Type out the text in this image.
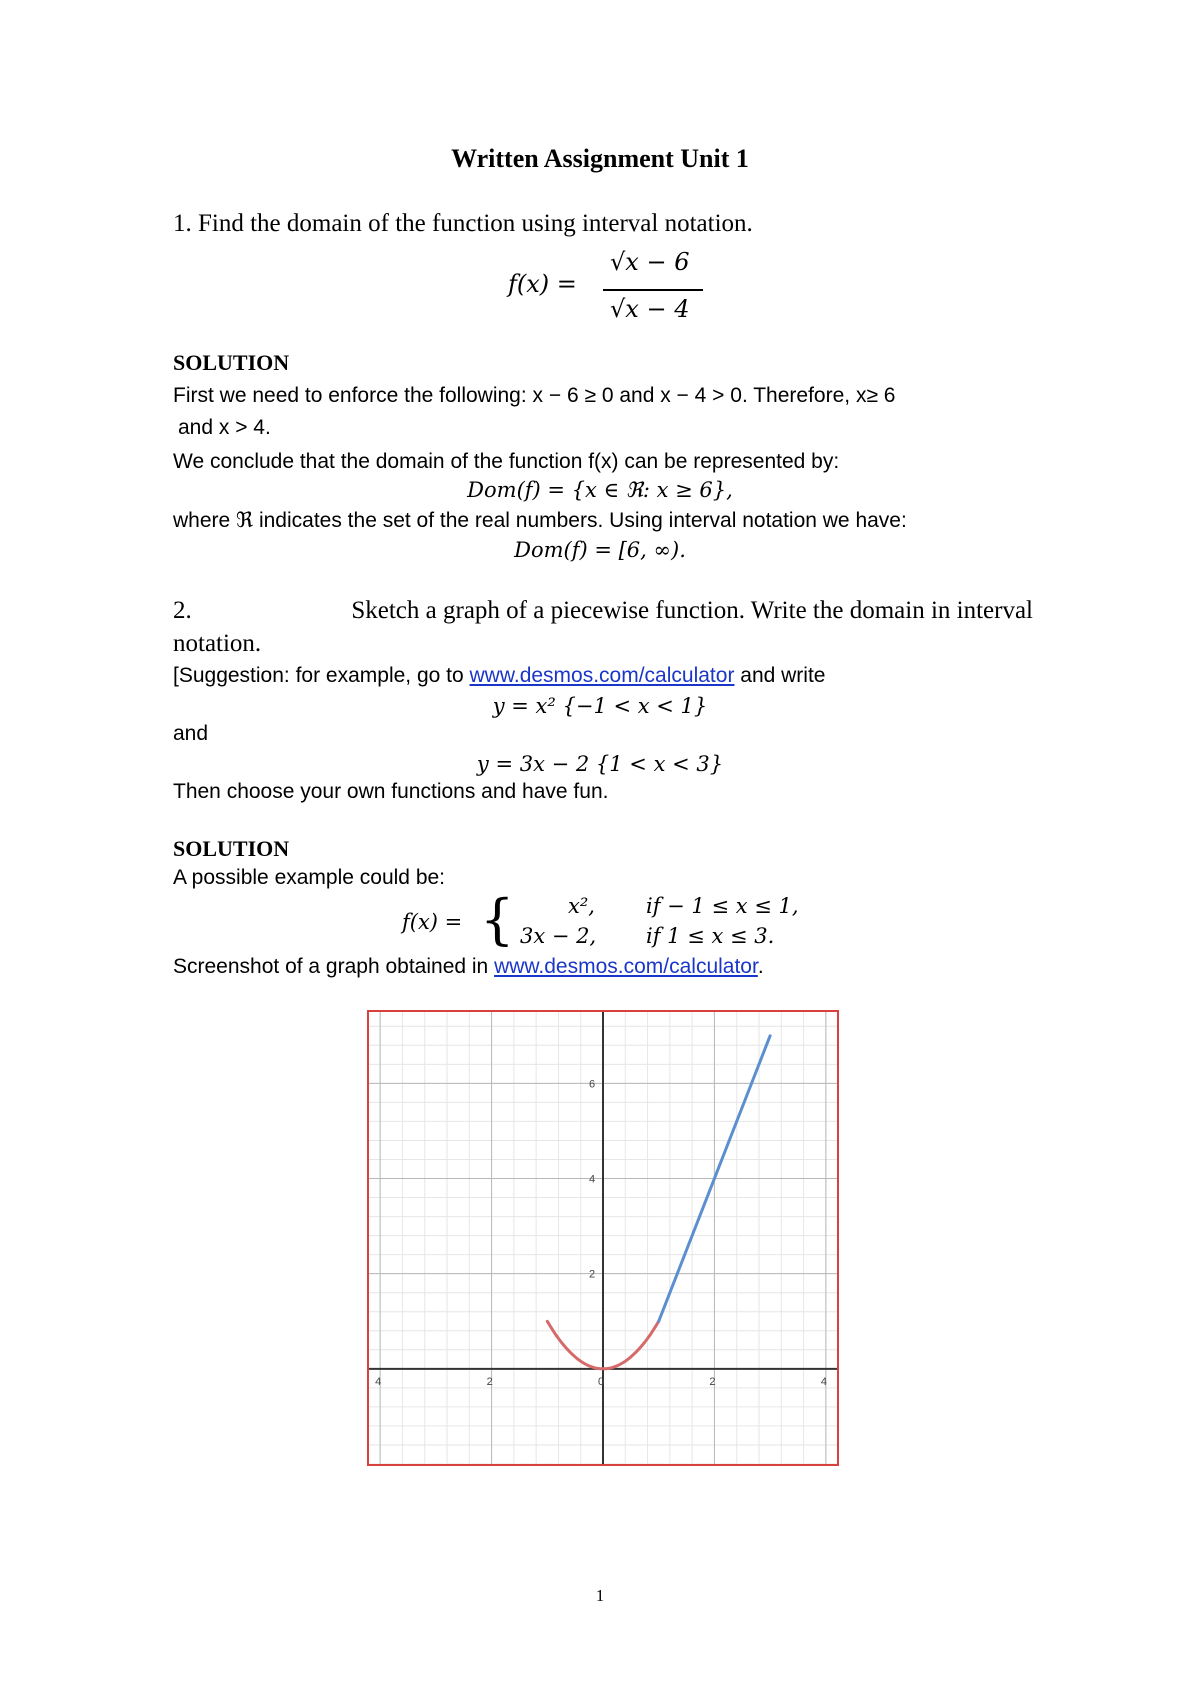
Written Assignment Unit 1
1. Find the domain of the function using interval notation.
f(x) =
√x − 6
√x − 4
SOLUTION
First we need to enforce the following: x − 6 ≥ 0 and x − 4 > 0. Therefore, x≥ 6
and x > 4.
We conclude that the domain of the function f(x) can be represented by:
Dom(f) = {x ∈ ℜ: x ≥ 6},
where ℜ indicates the set of the real numbers. Using interval notation we have:
Dom(f) = [6, ∞).
2.	Sketch a graph of a piecewise function. Write the domain in interval
notation.
[Suggestion: for example, go to www.desmos.com/calculator and write
y = x² {−1 < x < 1}
and
y = 3x − 2 {1 < x < 3}
Then choose your own functions and have fun.
SOLUTION
A possible example could be:
f(x) = {	x², if − 1 ≤ x ≤ 1,
3x − 2, if 1 ≤ x ≤ 3.
Screenshot of a graph obtained in www.desmos.com/calculator.
4	2	0	2	4
2
4
6
1
